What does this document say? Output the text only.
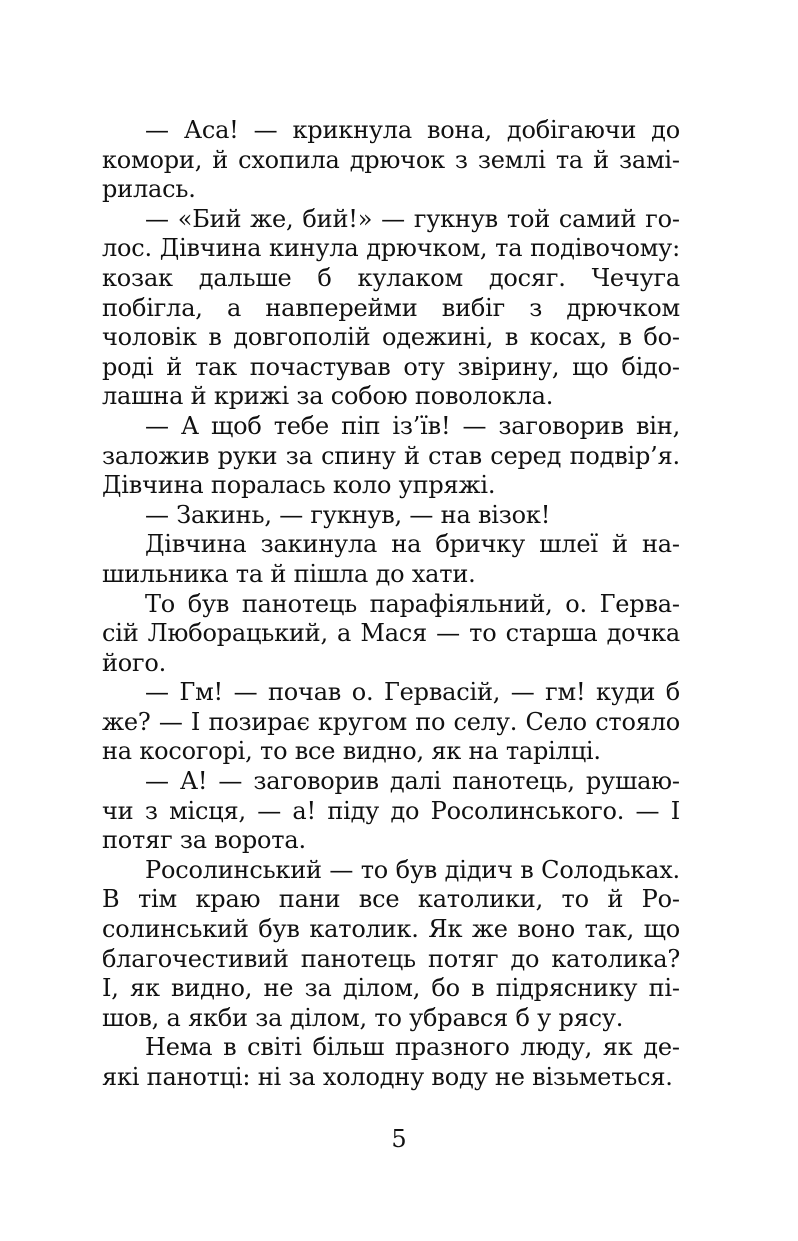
— Аса! — крикнула вона, добігаючи до комори, й схопила дрючок з землі та й замірилась.

— «Бий же, бий!» — гукнув той самий голос. Дівчина кинула дрючком, та подівочому: козак дальше б кулаком досяг. Чечуга побігла, а навперейми вибіг з дрючком чоловік в довгополій одежині, в косах, в бороді й так почастував оту звірину, що бідолашна й крижі за собою поволокла.

— А щоб тебе піп із’їв! — заговорив він, заложив руки за спину й став серед подвір’я. Дівчина поралась коло упряжі.

— Закинь, — гукнув, — на візок!

Дівчина закинула на бричку шлеї й нашильника та й пішла до хати.

То був панотець парафіяльний, о. Гервасій Люборацький, а Мася — то старша дочка його.

— Гм! — почав о. Гервасій, — гм! куди б же? — І позирає кругом по селу. Село стояло на косогорі, то все видно, як на тарілці.

— А! — заговорив далі панотець, рушаючи з місця, — а! піду до Росолинського. — І потяг за ворота.

Росолинський — то був дідич в Солодьках. В тім краю пани все католики, то й Росолинський був католик. Як же воно так, що благочестивий панотець потяг до католика? І, як видно, не за ділом, бо в підряснику пішов, а якби за ділом, то убрався б у рясу.

Нема в світі більш празного люду, як деякі панотці: ні за холодну воду не візьметься.

5
